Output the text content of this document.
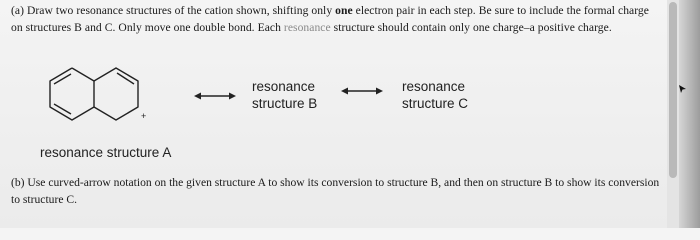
(a) Draw two resonance structures of the cation shown, shifting only one electron pair in each step. Be sure to include the formal charge on structures B and C. Only move one double bond. Each resonance structure should contain only one charge–a positive charge.
+
resonance
structure B
resonance
structure C
resonance structure A
(b) Use curved-arrow notation on the given structure A to show its conversion to structure B, and then on structure B to show its conversion to structure C.
